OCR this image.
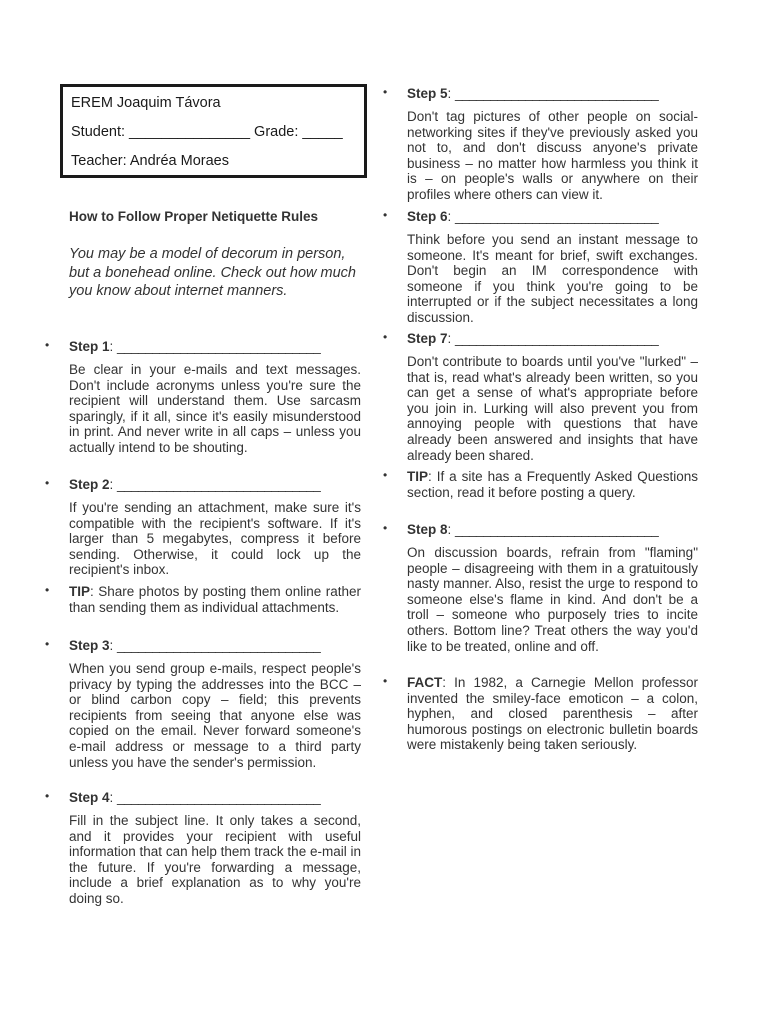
EREM Joaquim Távora
Student: _______________ Grade: _____
Teacher: Andréa Moraes
How to Follow Proper Netiquette Rules
You may be a model of decorum in person, but a bonehead online. Check out how much you know about internet manners.
• Step 1: _____________________________
Be clear in your e-mails and text messages. Don't include acronyms unless you're sure the recipient will understand them. Use sarcasm sparingly, if it all, since it's easily misunderstood in print. And never write in all caps – unless you actually intend to be shouting.
• Step 2: _____________________________
If you're sending an attachment, make sure it's compatible with the recipient's software. If it's larger than 5 megabytes, compress it before sending. Otherwise, it could lock up the recipient's inbox.
• TIP: Share photos by posting them online rather than sending them as individual attachments.
• Step 3: _____________________________
When you send group e-mails, respect people's privacy by typing the addresses into the BCC – or blind carbon copy – field; this prevents recipients from seeing that anyone else was copied on the email. Never forward someone's e-mail address or message to a third party unless you have the sender's permission.
• Step 4: _____________________________
Fill in the subject line. It only takes a second, and it provides your recipient with useful information that can help them track the e-mail in the future. If you're forwarding a message, include a brief explanation as to why you're doing so.
• Step 5: _____________________________
Don't tag pictures of other people on social-networking sites if they've previously asked you not to, and don't discuss anyone's private business – no matter how harmless you think it is – on people's walls or anywhere on their profiles where others can view it.
• Step 6: _____________________________
Think before you send an instant message to someone. It's meant for brief, swift exchanges. Don't begin an IM correspondence with someone if you think you're going to be interrupted or if the subject necessitates a long discussion.
• Step 7: _____________________________
Don't contribute to boards until you've "lurked" – that is, read what's already been written, so you can get a sense of what's appropriate before you join in. Lurking will also prevent you from annoying people with questions that have already been answered and insights that have already been shared.
• TIP: If a site has a Frequently Asked Questions section, read it before posting a query.
• Step 8: _____________________________
On discussion boards, refrain from "flaming" people – disagreeing with them in a gratuitously nasty manner. Also, resist the urge to respond to someone else's flame in kind. And don't be a troll – someone who purposely tries to incite others. Bottom line? Treat others the way you'd like to be treated, online and off.
• FACT: In 1982, a Carnegie Mellon professor invented the smiley-face emoticon – a colon, hyphen, and closed parenthesis – after humorous postings on electronic bulletin boards were mistakenly being taken seriously.
